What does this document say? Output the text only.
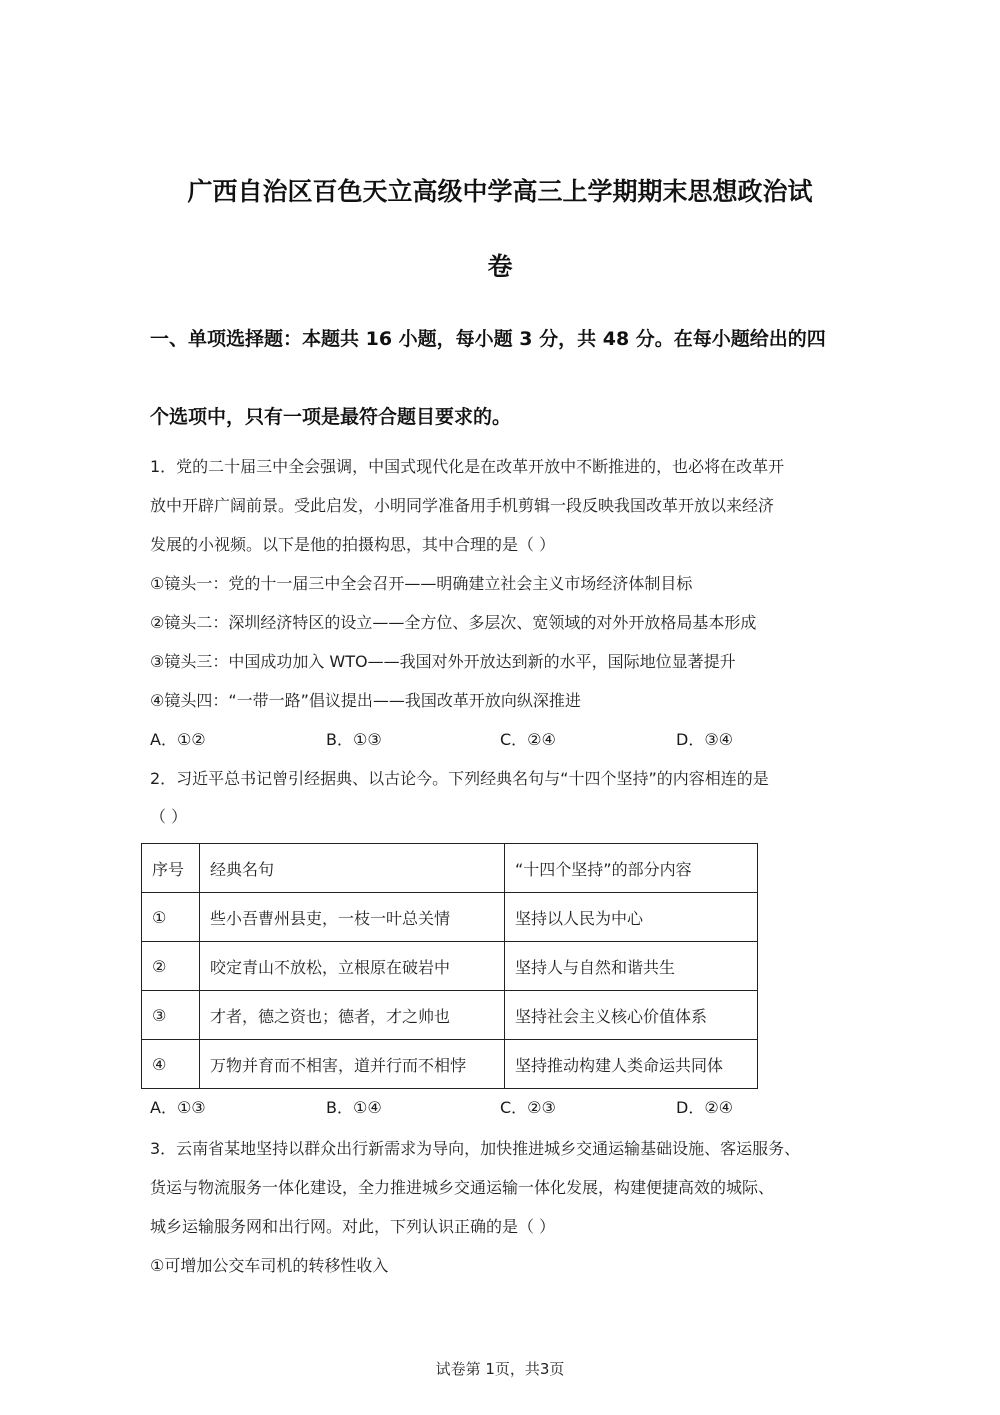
广西自治区百色天立高级中学高三上学期期末思想政治试
卷
一、单项选择题：本题共 16 小题，每小题 3 分，共 48 分。在每小题给出的四
个选项中，只有一项是最符合题目要求的。
1．党的二十届三中全会强调，中国式现代化是在改革开放中不断推进的，也必将在改革开
放中开辟广阔前景。受此启发，小明同学准备用手机剪辑一段反映我国改革开放以来经济
发展的小视频。以下是他的拍摄构思，其中合理的是（ ）
①镜头一：党的十一届三中全会召开——明确建立社会主义市场经济体制目标
②镜头二：深圳经济特区的设立——全方位、多层次、宽领域的对外开放格局基本形成
③镜头三：中国成功加入 WTO——我国对外开放达到新的水平，国际地位显著提升
④镜头四：“一带一路”倡议提出——我国改革开放向纵深推进
A．①②	B．①③	C．②④	D．③④
2．习近平总书记曾引经据典、以古论今。下列经典名句与“十四个坚持”的内容相连的是
（ ）
序号	经典名句	“十四个坚持”的部分内容
①	些小吾曹州县吏，一枝一叶总关情	坚持以人民为中心
②	咬定青山不放松，立根原在破岩中	坚持人与自然和谐共生
③	才者，德之资也；德者，才之帅也	坚持社会主义核心价值体系
④	万物并育而不相害，道并行而不相悖	坚持推动构建人类命运共同体
A．①③	B．①④	C．②③	D．②④
3．云南省某地坚持以群众出行新需求为导向，加快推进城乡交通运输基础设施、客运服务、
货运与物流服务一体化建设，全力推进城乡交通运输一体化发展，构建便捷高效的城际、
城乡运输服务网和出行网。对此，下列认识正确的是（ ）
①可增加公交车司机的转移性收入
试卷第 1页，共3页
